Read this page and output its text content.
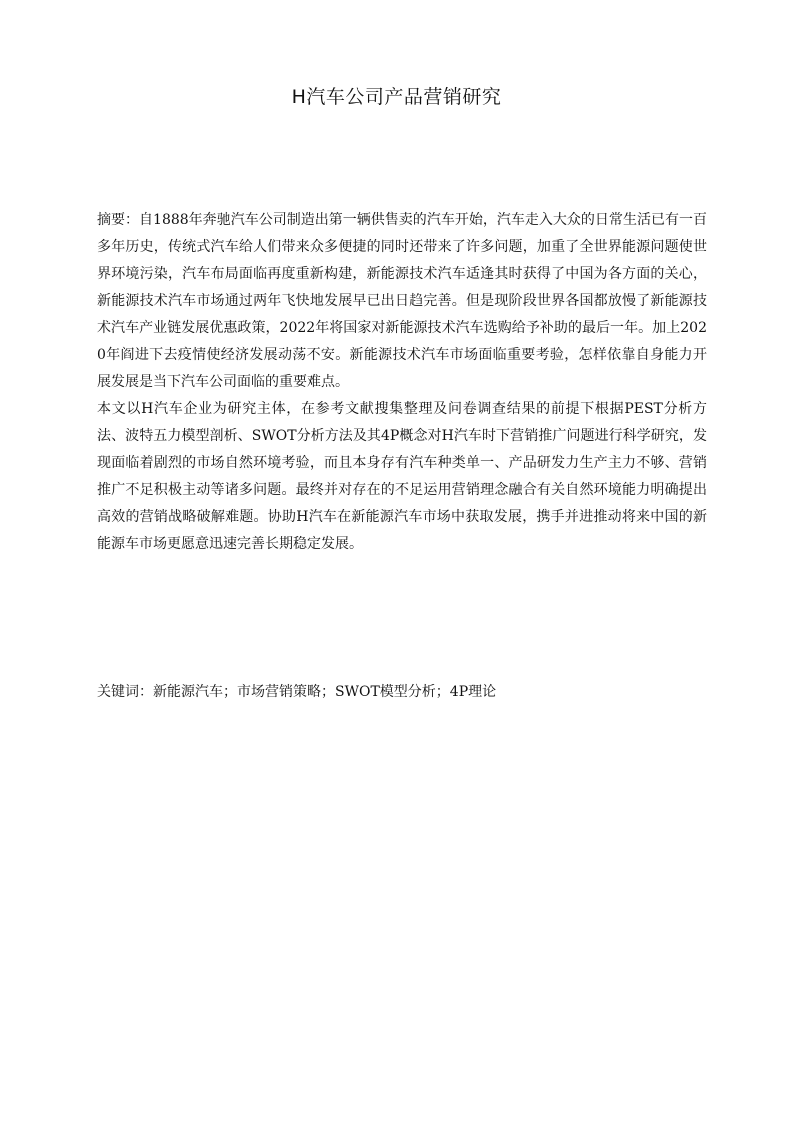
H汽车公司产品营销研究

摘要：自1888年奔驰汽车公司制造出第一辆供售卖的汽车开始，汽车走入大众的日常生活已有一百多年历史，传统式汽车给人们带来众多便捷的同时还带来了许多问题，加重了全世界能源问题使世界环境污染，汽车布局面临再度重新构建，新能源技术汽车适逢其时获得了中国为各方面的关心，新能源技术汽车市场通过两年飞快地发展早已出日趋完善。但是现阶段世界各国都放慢了新能源技术汽车产业链发展优惠政策，2022年将国家对新能源技术汽车选购给予补助的最后一年。加上2020年阎进下去疫情使经济发展动荡不安。新能源技术汽车市场面临重要考验，怎样依靠自身能力开展发展是当下汽车公司面临的重要难点。

本文以H汽车企业为研究主体，在参考文献搜集整理及问卷调查结果的前提下根据PEST分析方法、波特五力模型剖析、SWOT分析方法及其4P概念对H汽车时下营销推广问题进行科学研究，发现面临着剧烈的市场自然环境考验，而且本身存有汽车种类单一、产品研发力生产主力不够、营销推广不足积极主动等诸多问题。最终并对存在的不足运用营销理念融合有关自然环境能力明确提出高效的营销战略破解难题。协助H汽车在新能源汽车市场中获取发展，携手并进推动将来中国的新能源车市场更愿意迅速完善长期稳定发展。

关键词：新能源汽车；市场营销策略；SWOT模型分析；4P理论
